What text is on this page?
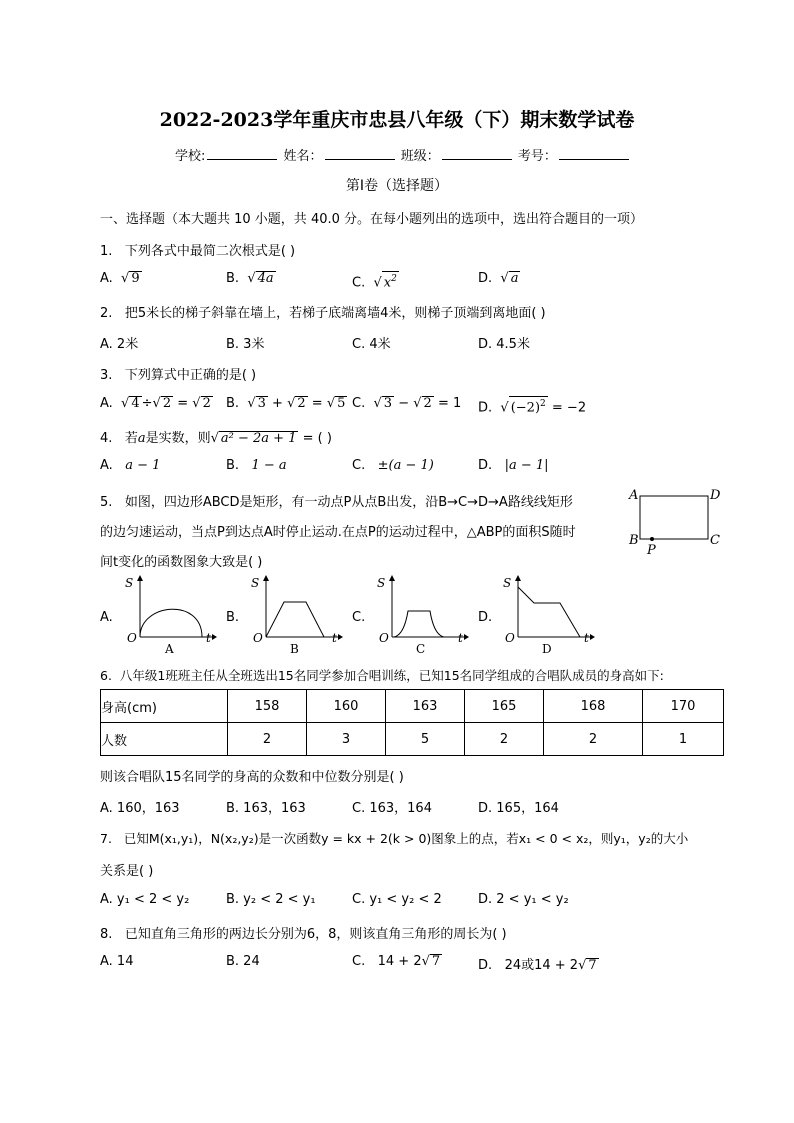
2022-2023学年重庆市忠县八年级（下）期末数学试卷
学校:	姓名：	班级：	考号：
第I卷（选择题）
一、选择题（本大题共 10 小题，共 40.0 分。在每小题列出的选项中，选出符合题目的一项）
1. 下列各式中最简二次根式是( )
A.  √ 9	B.  √ 4a	C.  √ $x^2$	D.  √ a
2. 把5米长的梯子斜靠在墙上，若梯子底端离墙4米，则梯子顶端到离地面( )
A. 2米	B. 3米	C. 4米	D. 4.5米
3. 下列算式中正确的是( )
A.  √ 4 ÷√ 2 = √ 2 B.  √ 3 + √ 2 = √ 5 C.  √ 3 − √ 2 = 1 D.  √ $(-2)^2 = -2$
4. 若a是实数，则√ a² − 2a + 1 = ( )
A. a − 1	B. 1 − a	C. ±(a − 1)	D. |a − 1|
5. 如图，四边形ABCD是矩形，有一动点P从点B出发，沿B→C→D→A路线线矩形
的边匀速运动，当点P到达点A时停止运动.在点P的运动过程中，△ABP的面积S随时
间t变化的函数图象大致是( )
A	D
B	C
P
A.	B.	C.	D.
S
O	t
A
S
O	t
B
S
O	t
C
S
O	t
D
6. 八年级1班班主任从全班选出15名同学参加合唱训练，已知15名同学组成的合唱队成员的身高如下:
身高(cm)	158	160	163	165	168	170
人数	2	3	5	2	2	1
则该合唱队15名同学的身高的众数和中位数分别是( )
A. 160，163	B. 163，163	C. 163，164	D. 165，164
7. 已知M(x₁,y₁)，N(x₂,y₂)是一次函数y = kx + 2(k > 0)图象上的点，若x₁ < 0 < x₂，则y₁，y₂的大小
关系是( )
A. y₁ < 2 < y₂	B. y₂ < 2 < y₁	C. y₁ < y₂ < 2	D. 2 < y₁ < y₂
8. 已知直角三角形的两边长分别为6，8，则该直角三角形的周长为( )
A. 14	B. 24	C. 14 + 2√ 7	D. 24或14 + 2√ 7
